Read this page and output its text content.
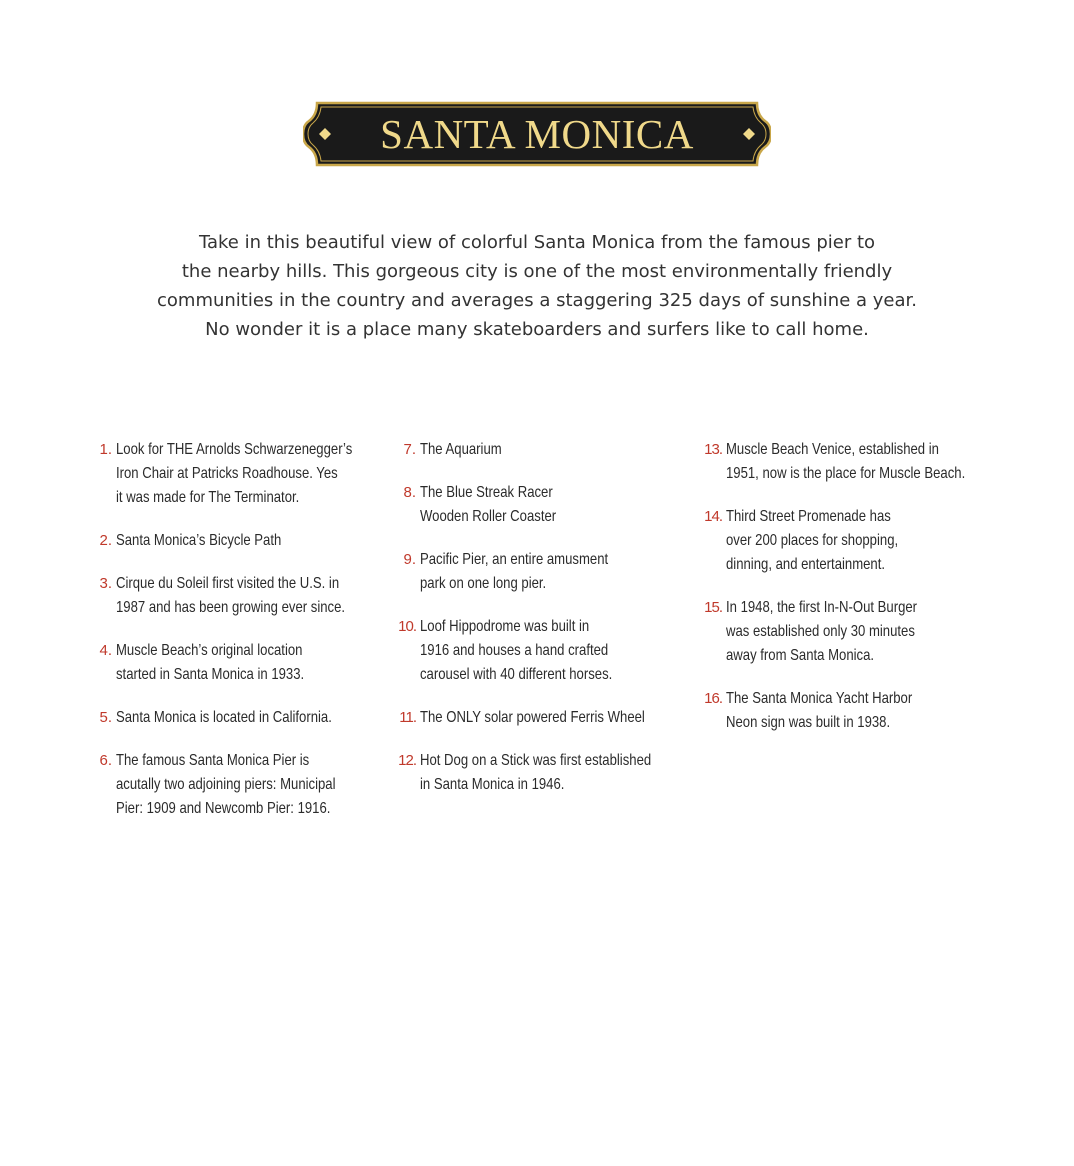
SANTA MONICA
Take in this beautiful view of colorful Santa Monica from the famous pier to
the nearby hills. This gorgeous city is one of the most environmentally friendly
communities in the country and averages a staggering 325 days of sunshine a year.
No wonder it is a place many skateboarders and surfers like to call home.
1. Look for THE Arnolds Schwarzenegger’s
Iron Chair at Patricks Roadhouse. Yes
it was made for The Terminator.
2. Santa Monica’s Bicycle Path
3. Cirque du Soleil first visited the U.S. in
1987 and has been growing ever since.
4. Muscle Beach’s original location
started in Santa Monica in 1933.
5. Santa Monica is located in California.
6. The famous Santa Monica Pier is
acutally two adjoining piers: Municipal
Pier: 1909 and Newcomb Pier: 1916.
7. The Aquarium
8. The Blue Streak Racer
Wooden Roller Coaster
9. Pacific Pier, an entire amusment
park on one long pier.
10. Loof Hippodrome was built in
1916 and houses a hand crafted
carousel with 40 different horses.
11. The ONLY solar powered Ferris Wheel
12. Hot Dog on a Stick was first established
in Santa Monica in 1946.
13. Muscle Beach Venice, established in
1951, now is the place for Muscle Beach.
14. Third Street Promenade has
over 200 places for shopping,
dinning, and entertainment.
15. In 1948, the first In-N-Out Burger
was established only 30 minutes
away from Santa Monica.
16. The Santa Monica Yacht Harbor
Neon sign was built in 1938.
